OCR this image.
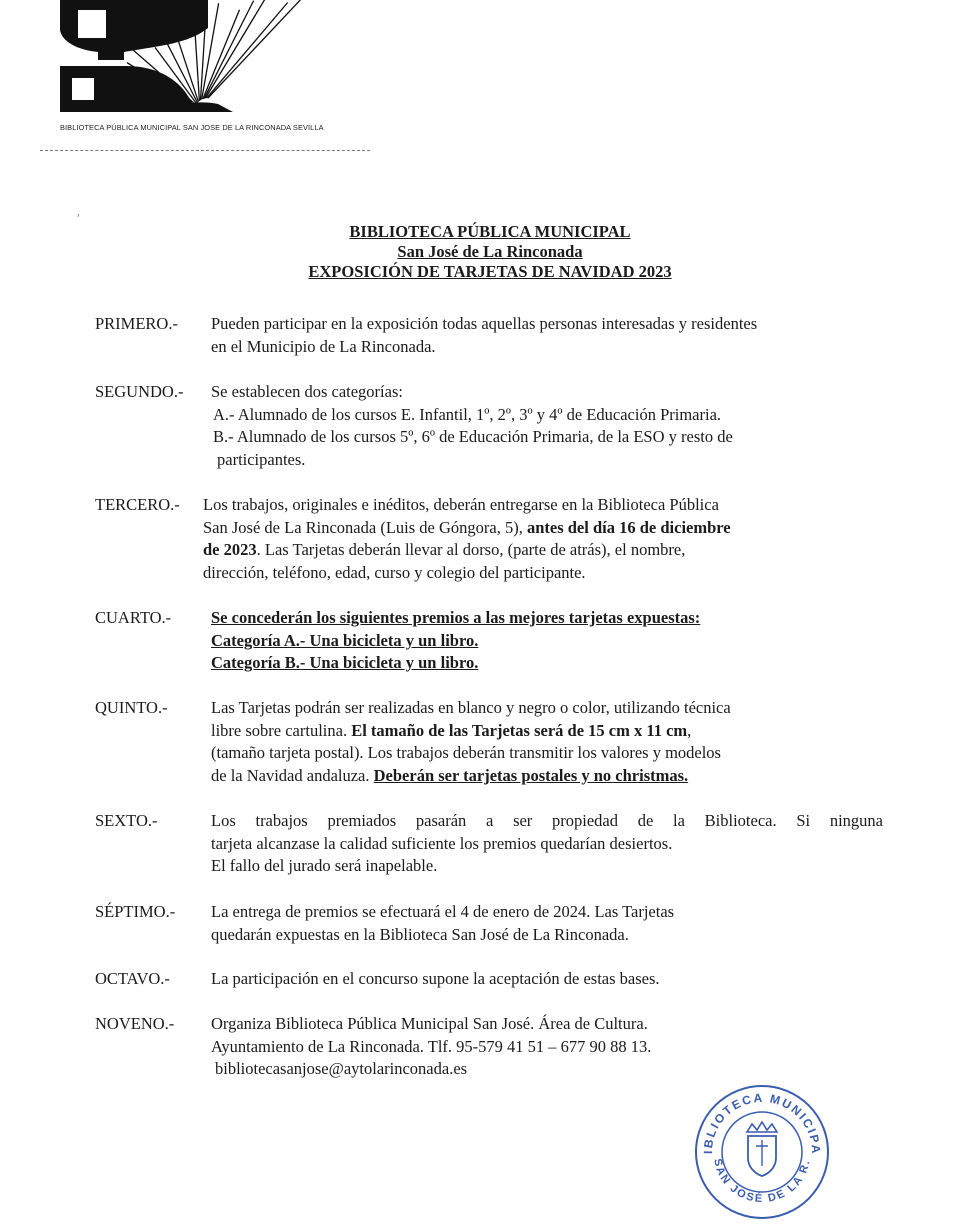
BIBLIOTECA PÚBLICA MUNICIPAL SAN JOSE DE LA RINCONADA SEVILLA
ʾ
BIBLIOTECA PÚBLICA MUNICIPAL
San José de La Rinconada
EXPOSICIÓN DE TARJETAS DE NAVIDAD 2023
PRIMERO.- Pueden participar en la exposición todas aquellas personas interesadas y residentes
en el Municipio de La Rinconada.
SEGUNDO.- Se establecen dos categorías:
A.- Alumnado de los cursos E. Infantil, 1º, 2º, 3º y 4º de Educación Primaria.
B.- Alumnado de los cursos 5º, 6º de Educación Primaria, de la ESO y resto de
participantes.
TERCERO.- Los trabajos, originales e inéditos, deberán entregarse en la Biblioteca Pública
San José de La Rinconada (Luis de Góngora, 5), antes del día 16 de diciembre
de 2023. Las Tarjetas deberán llevar al dorso, (parte de atrás), el nombre,
dirección, teléfono, edad, curso y colegio del participante.
CUARTO.- Se concederán los siguientes premios a las mejores tarjetas expuestas:
Categoría A.- Una bicicleta y un libro.
Categoría B.- Una bicicleta y un libro.
QUINTO.-	Las Tarjetas podrán ser realizadas en blanco y negro o color, utilizando técnica
libre sobre cartulina. El tamaño de las Tarjetas será de 15 cm x 11 cm,
(tamaño tarjeta postal). Los trabajos deberán transmitir los valores y modelos
de la Navidad andaluza. Deberán ser tarjetas postales y no christmas.
SEXTO.-	Los trabajos premiados pasarán a ser propiedad de la Biblioteca. Si ninguna
tarjeta alcanzase la calidad suficiente los premios quedarían desiertos.
El fallo del jurado será inapelable.
SÉPTIMO.- La entrega de premios se efectuará el 4 de enero de 2024. Las Tarjetas
quedarán expuestas en la Biblioteca San José de La Rinconada.
OCTAVO.- La participación en el concurso supone la aceptación de estas bases.
NOVENO.- Organiza Biblioteca Pública Municipal San José. Área de Cultura.
Ayuntamiento de La Rinconada. Tlf. 95-579 41 51 – 677 90 88 13.
bibliotecasanjose@aytolarinconada.es
IBLIOTECA MUNICIPA
SAN JOSÉ DE LA R.
